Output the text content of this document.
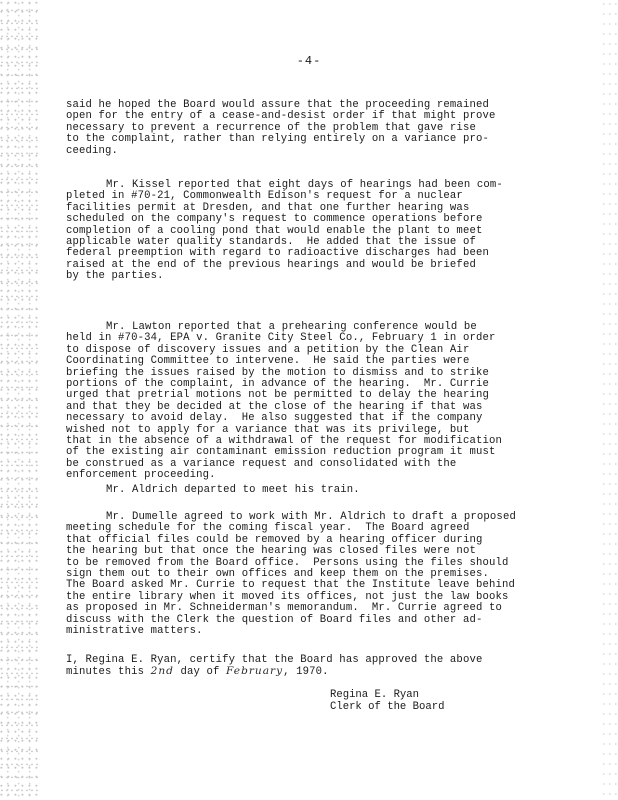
-4-
said he hoped the Board would assure that the proceeding remained
open for the entry of a cease-and-desist order if that might prove
necessary to prevent a recurrence of the problem that gave rise
to the complaint, rather than relying entirely on a variance pro-
ceeding.
Mr. Kissel reported that eight days of hearings had been com-
pleted in #70-21, Commonwealth Edison's request for a nuclear
facilities permit at Dresden, and that one further hearing was
scheduled on the company's request to commence operations before
completion of a cooling pond that would enable the plant to meet
applicable water quality standards.  He added that the issue of
federal preemption with regard to radioactive discharges had been
raised at the end of the previous hearings and would be briefed
by the parties.
Mr. Lawton reported that a prehearing conference would be
held in #70-34, EPA v. Granite City Steel Co., February 1 in order
to dispose of discovery issues and a petition by the Clean Air
Coordinating Committee to intervene.  He said the parties were
briefing the issues raised by the motion to dismiss and to strike
portions of the complaint, in advance of the hearing.  Mr. Currie
urged that pretrial motions not be permitted to delay the hearing
and that they be decided at the close of the hearing if that was
necessary to avoid delay.  He also suggested that if the company
wished not to apply for a variance that was its privilege, but
that in the absence of a withdrawal of the request for modification
of the existing air contaminant emission reduction program it must
be construed as a variance request and consolidated with the
enforcement proceeding.
Mr. Aldrich departed to meet his train.
Mr. Dumelle agreed to work with Mr. Aldrich to draft a proposed
meeting schedule for the coming fiscal year.  The Board agreed
that official files could be removed by a hearing officer during
the hearing but that once the hearing was closed files were not
to be removed from the Board office.  Persons using the files should
sign them out to their own offices and keep them on the premises.
The Board asked Mr. Currie to request that the Institute leave behind
the entire library when it moved its offices, not just the law books
as proposed in Mr. Schneiderman's memorandum.  Mr. Currie agreed to
discuss with the Clerk the question of Board files and other ad-
ministrative matters.
I, Regina E. Ryan, certify that the Board has approved the above
minutes this 2nd day of February, 1970.
Regina E. Ryan
Clerk of the Board
